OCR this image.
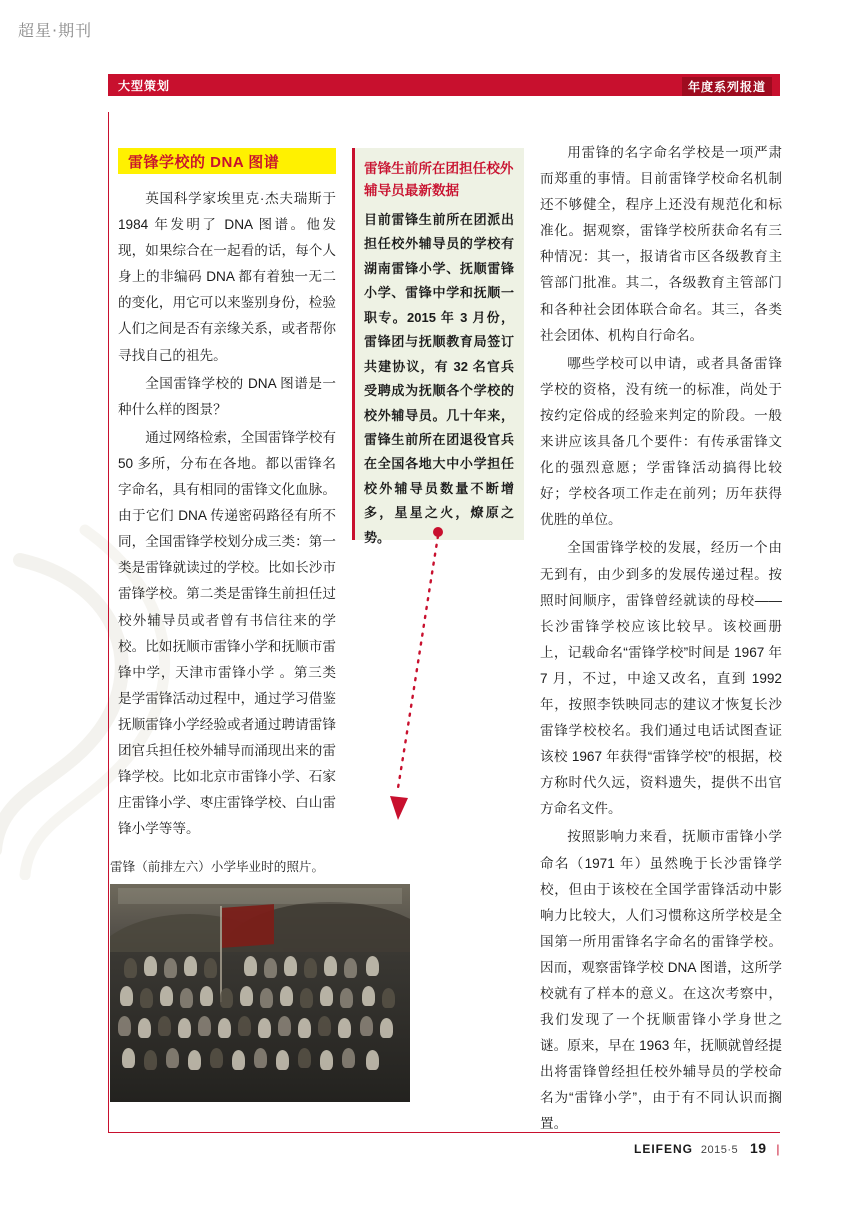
超星·期刊
大型策划	年度系列报道
雷锋学校的 DNA 图谱

英国科学家埃里克·杰夫瑞斯于 1984 年发明了 DNA 图谱。他发现，如果综合在一起看的话，每个人身上的非编码 DNA 都有着独一无二的变化，用它可以来鉴别身份，检验人们之间是否有亲缘关系，或者帮你寻找自己的祖先。

全国雷锋学校的 DNA 图谱是一种什么样的图景？

通过网络检索，全国雷锋学校有 50 多所，分布在各地。都以雷锋名字命名，具有相同的雷锋文化血脉。由于它们 DNA 传递密码路径有所不同，全国雷锋学校划分成三类：第一类是雷锋就读过的学校。比如长沙市雷锋学校。第二类是雷锋生前担任过校外辅导员或者曾有书信往来的学校。比如抚顺市雷锋小学和抚顺市雷锋中学，天津市雷锋小学 。第三类是学雷锋活动过程中，通过学习借鉴抚顺雷锋小学经验或者通过聘请雷锋团官兵担任校外辅导而涌现出来的雷锋学校。比如北京市雷锋小学、石家庄雷锋小学、枣庄雷锋学校、白山雷锋小学等等。

雷锋生前所在团担任校外辅导员最新数据
目前雷锋生前所在团派出担任校外辅导员的学校有湖南雷锋小学、抚顺雷锋小学、雷锋中学和抚顺一职专。2015 年 3 月份，雷锋团与抚顺教育局签订共建协议，有 32 名官兵受聘成为抚顺各个学校的校外辅导员。几十年来，雷锋生前所在团退役官兵在全国各地大中小学担任校外辅导员数量不断增多，星星之火，燎原之势。

用雷锋的名字命名学校是一项严肃而郑重的事情。目前雷锋学校命名机制还不够健全，程序上还没有规范化和标准化。据观察，雷锋学校所获命名有三种情况：其一，报请省市区各级教育主管部门批准。其二，各级教育主管部门和各种社会团体联合命名。其三，各类社会团体、机构自行命名。

哪些学校可以申请，或者具备雷锋学校的资格，没有统一的标准，尚处于按约定俗成的经验来判定的阶段。一般来讲应该具备几个要件：有传承雷锋文化的强烈意愿；学雷锋活动搞得比较好；学校各项工作走在前列；历年获得优胜的单位。

全国雷锋学校的发展，经历一个由无到有，由少到多的发展传递过程。按照时间顺序，雷锋曾经就读的母校——长沙雷锋学校应该比较早。该校画册上，记载命名“雷锋学校”时间是 1967 年 7 月，不过，中途又改名，直到 1992 年，按照李铁映同志的建议才恢复长沙雷锋学校校名。我们通过电话试图查证该校 1967 年获得“雷锋学校”的根据，校方称时代久远，资料遗失，提供不出官方命名文件。

按照影响力来看，抚顺市雷锋小学命名（1971 年）虽然晚于长沙雷锋学校，但由于该校在全国学雷锋活动中影响力比较大，人们习惯称这所学校是全国第一所用雷锋名字命名的雷锋学校。因而，观察雷锋学校 DNA 图谱，这所学校就有了样本的意义。在这次考察中，我们发现了一个抚顺雷锋小学身世之谜。原来，早在 1963 年，抚顺就曾经提出将雷锋曾经担任校外辅导员的学校命名为“雷锋小学”，由于有不同认识而搁置。

雷锋（前排左六）小学毕业时的照片。
LEIFENG 2015·5 19 |
